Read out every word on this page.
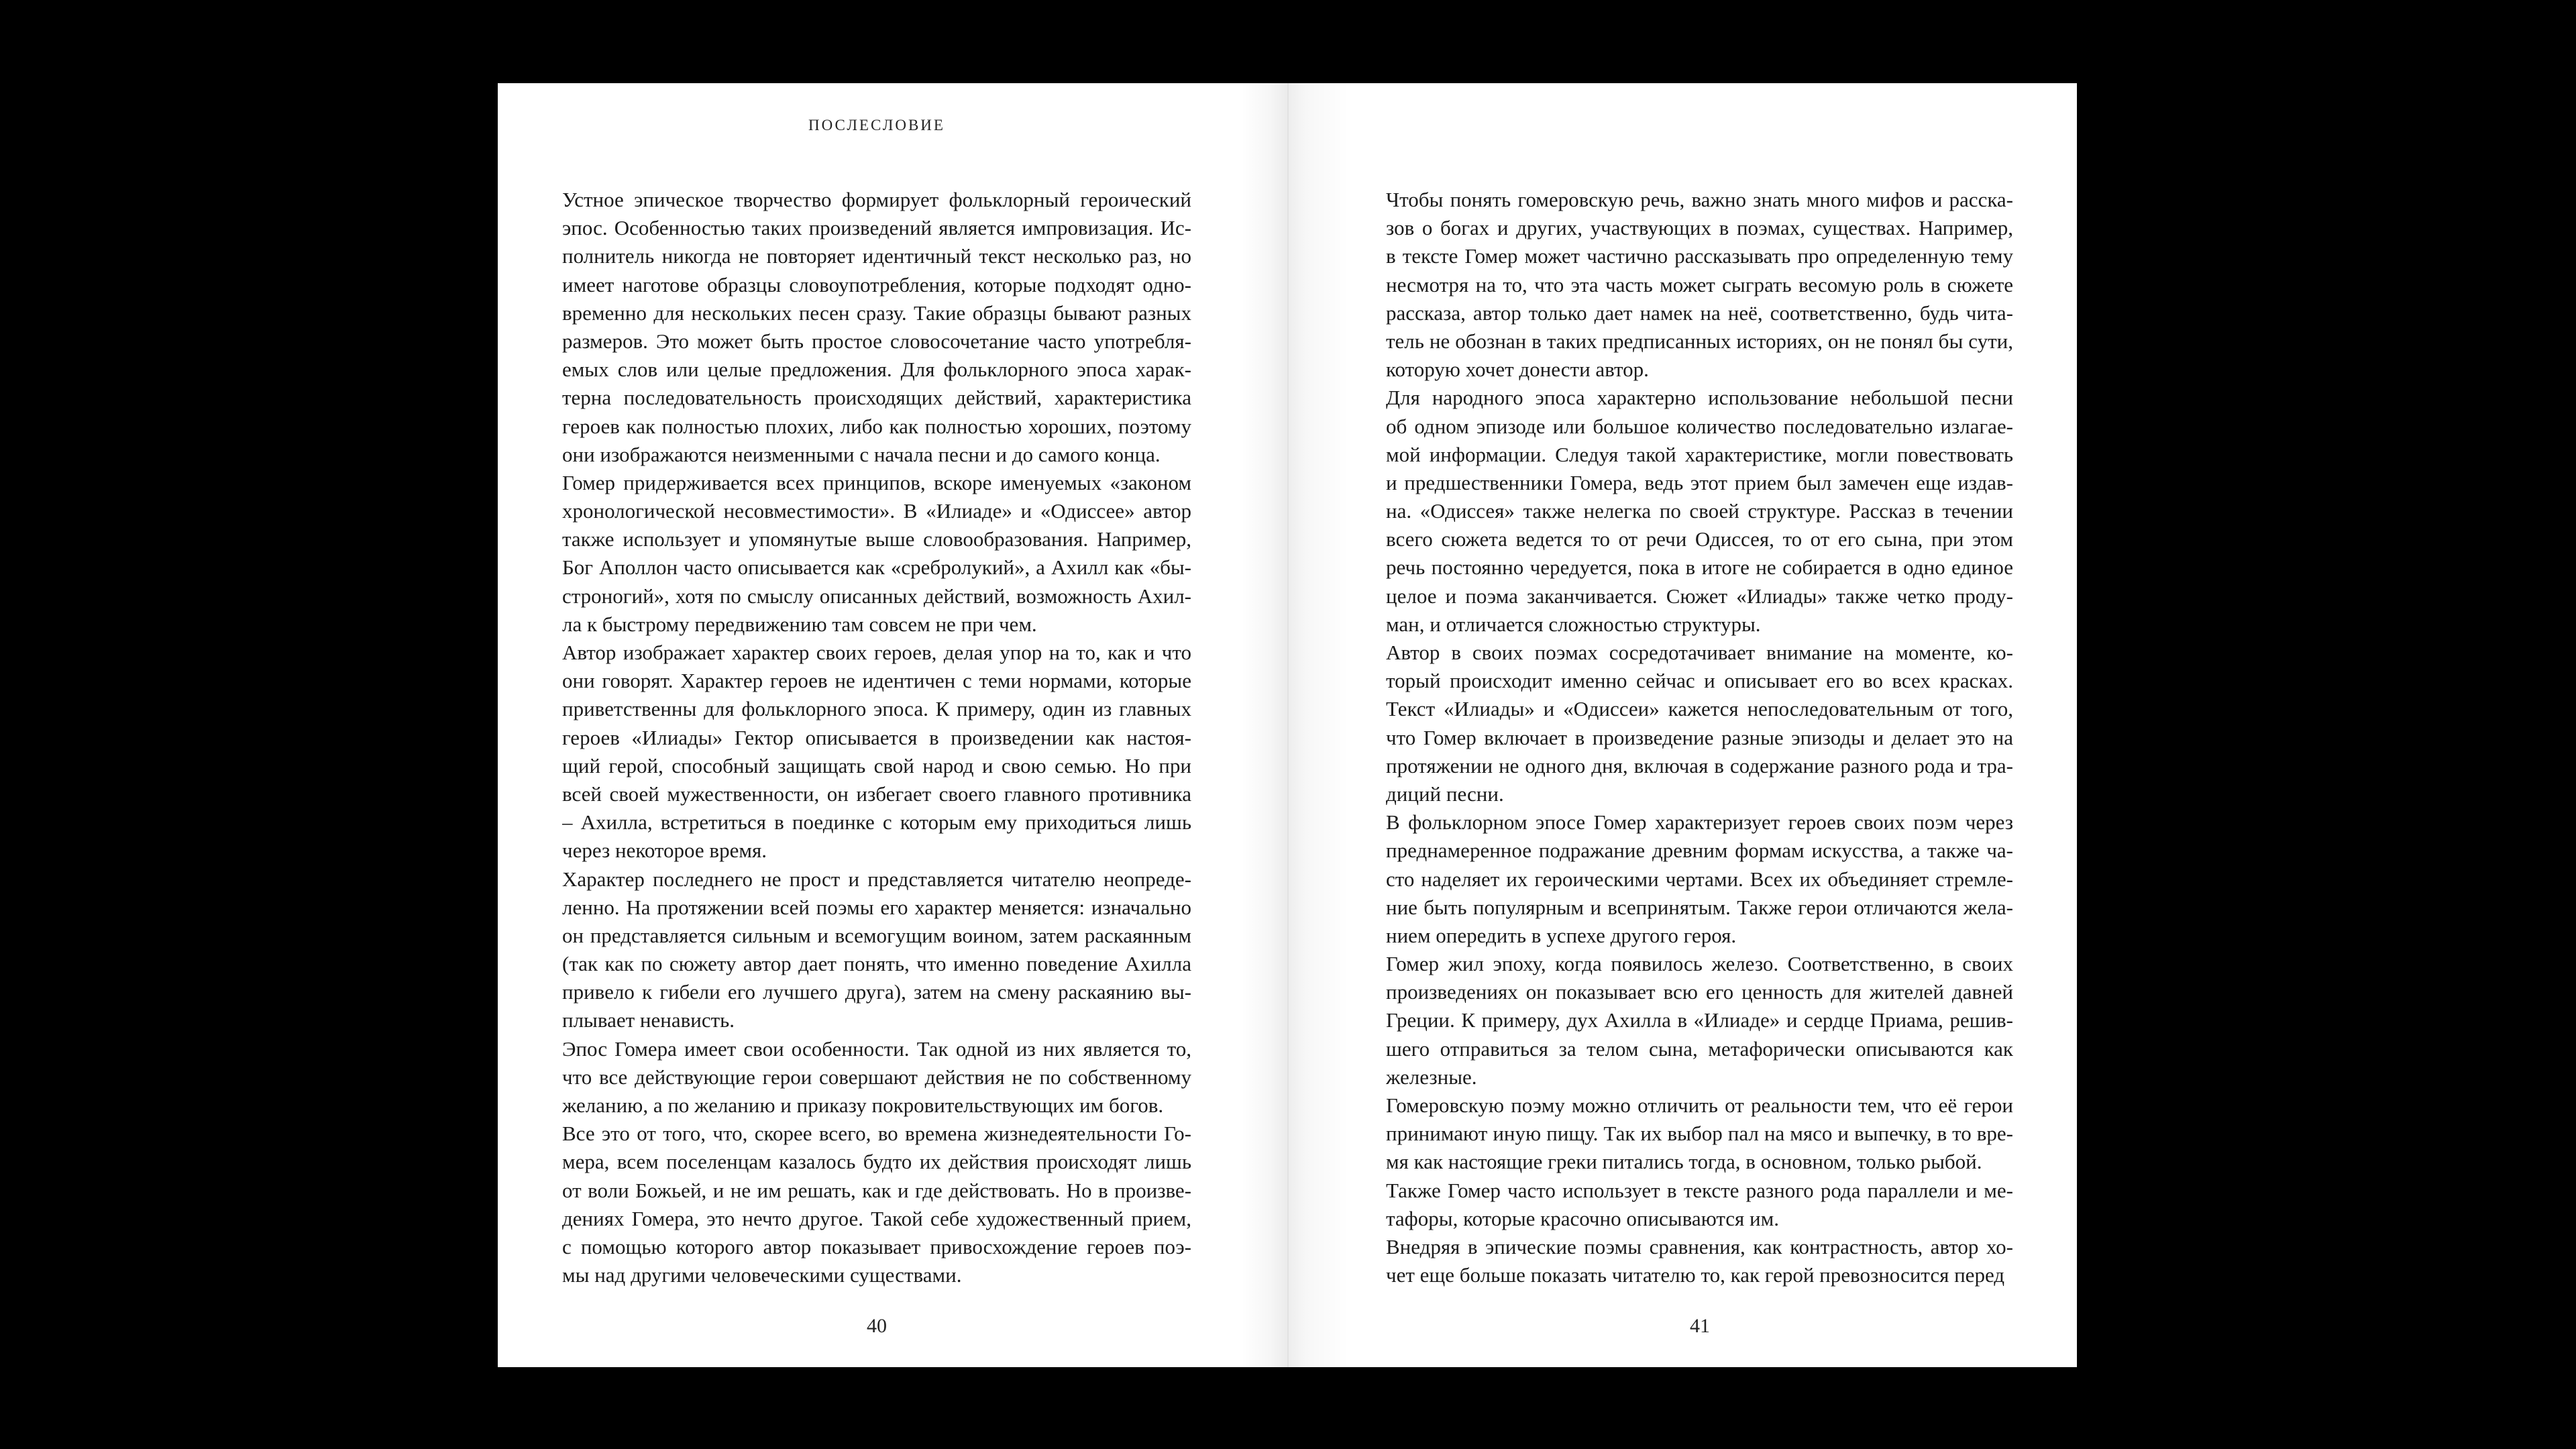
ПОСЛЕСЛОВИЕ
Устное эпическое творчество формирует фольклорный героический
эпос. Особенностью таких произведений является импровизация. Ис-
полнитель никогда не повторяет идентичный текст несколько раз, но
имеет наготове образцы словоупотребления, которые подходят одно-
временно для нескольких песен сразу. Такие образцы бывают разных
размеров. Это может быть простое словосочетание часто употребля-
емых слов или целые предложения. Для фольклорного эпоса харак-
терна последовательность происходящих действий, характеристика
героев как полностью плохих, либо как полностью хороших, поэтому
они изображаются неизменными с начала песни и до самого конца.
Гомер придерживается всех принципов, вскоре именуемых «законом
хронологической несовместимости». В «Илиаде» и «Одиссее» автор
также использует и упомянутые выше словообразования. Например,
Бог Аполлон часто описывается как «сребролукий», а Ахилл как «бы-
строногий», хотя по смыслу описанных действий, возможность Ахил-
ла к быстрому передвижению там совсем не при чем.
Автор изображает характер своих героев, делая упор на то, как и что
они говорят. Характер героев не идентичен с теми нормами, которые
приветственны для фольклорного эпоса. К примеру, один из главных
героев «Илиады» Гектор описывается в произведении как настоя-
щий герой, способный защищать свой народ и свою семью. Но при
всей своей мужественности, он избегает своего главного противника
– Ахилла, встретиться в поединке с которым ему приходиться лишь
через некоторое время.
Характер последнего не прост и представляется читателю неопреде-
ленно. На протяжении всей поэмы его характер меняется: изначально
он представляется сильным и всемогущим воином, затем раскаянным
(так как по сюжету автор дает понять, что именно поведение Ахилла
привело к гибели его лучшего друга), затем на смену раскаянию вы-
плывает ненависть.
Эпос Гомера имеет свои особенности. Так одной из них является то,
что все действующие герои совершают действия не по собственному
желанию, а по желанию и приказу покровительствующих им богов.
Все это от того, что, скорее всего, во времена жизнедеятельности Го-
мера, всем поселенцам казалось будто их действия происходят лишь
от воли Божьей, и не им решать, как и где действовать. Но в произве-
дениях Гомера, это нечто другое. Такой себе художественный прием,
с помощью которого автор показывает привосхождение героев поэ-
мы над другими человеческими существами.
40
Чтобы понять гомеровскую речь, важно знать много мифов и расска-
зов о богах и других, участвующих в поэмах, существах. Например,
в тексте Гомер может частично рассказывать про определенную тему
несмотря на то, что эта часть может сыграть весомую роль в сюжете
рассказа, автор только дает намек на неё, соответственно, будь чита-
тель не обознан в таких предписанных историях, он не понял бы сути,
которую хочет донести автор.
Для народного эпоса характерно использование небольшой песни
об одном эпизоде или большое количество последовательно излагае-
мой информации. Следуя такой характеристике, могли повествовать
и предшественники Гомера, ведь этот прием был замечен еще издав-
на. «Одиссея» также нелегка по своей структуре. Рассказ в течении
всего сюжета ведется то от речи Одиссея, то от его сына, при этом
речь постоянно чередуется, пока в итоге не собирается в одно единое
целое и поэма заканчивается. Сюжет «Илиады» также четко проду-
ман, и отличается сложностью структуры.
Автор в своих поэмах сосредотачивает внимание на моменте, ко-
торый происходит именно сейчас и описывает его во всех красках.
Текст «Илиады» и «Одиссеи» кажется непоследовательным от того,
что Гомер включает в произведение разные эпизоды и делает это на
протяжении не одного дня, включая в содержание разного рода и тра-
диций песни.
В фольклорном эпосе Гомер характеризует героев своих поэм через
преднамеренное подражание древним формам искусства, а также ча-
сто наделяет их героическими чертами. Всех их объединяет стремле-
ние быть популярным и всепринятым. Также герои отличаются жела-
нием опередить в успехе другого героя.
Гомер жил эпоху, когда появилось железо. Соответственно, в своих
произведениях он показывает всю его ценность для жителей давней
Греции. К примеру, дух Ахилла в «Илиаде» и сердце Приама, решив-
шего отправиться за телом сына, метафорически описываются как
железные.
Гомеровскую поэму можно отличить от реальности тем, что её герои
принимают иную пищу. Так их выбор пал на мясо и выпечку, в то вре-
мя как настоящие греки питались тогда, в основном, только рыбой.
Также Гомер часто использует в тексте разного рода параллели и ме-
тафоры, которые красочно описываются им.
Внедряя в эпические поэмы сравнения, как контрастность, автор хо-
чет еще больше показать читателю то, как герой превозносится перед
41
